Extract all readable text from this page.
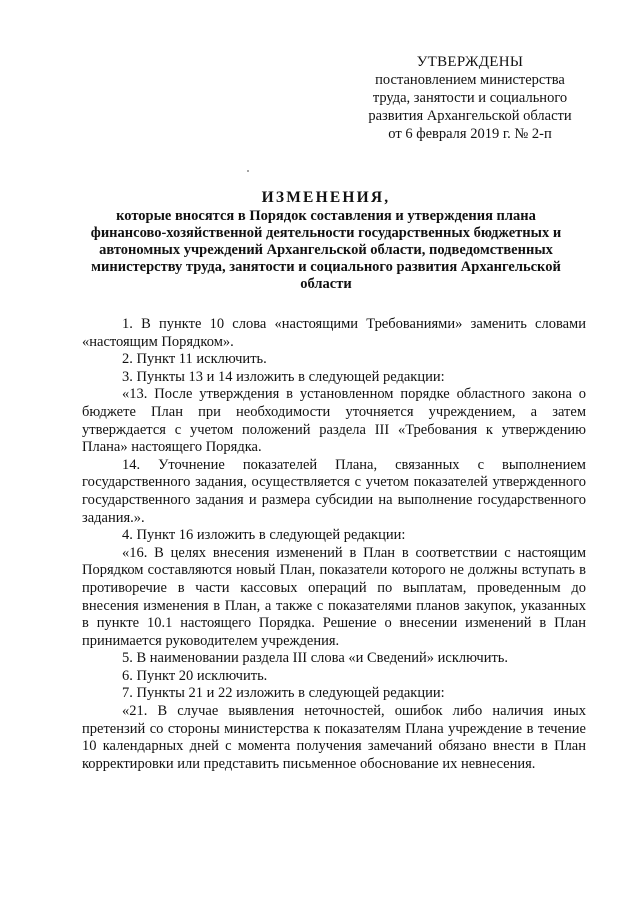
УТВЕРЖДЕНЫ
постановлением министерства
труда, занятости и социального
развития Архангельской области
от 6 февраля 2019 г. № 2-п
ИЗМЕНЕНИЯ,
которые вносятся в Порядок составления и утверждения плана финансово-хозяйственной деятельности государственных бюджетных и автономных учреждений Архангельской области, подведомственных министерству труда, занятости и социального развития Архангельской области

1. В пункте 10 слова «настоящими Требованиями» заменить словами «настоящим Порядком».

2. Пункт 11 исключить.

3. Пункты 13 и 14 изложить в следующей редакции:

«13. После утверждения в установленном порядке областного закона о бюджете План при необходимости уточняется учреждением, а затем утверждается с учетом положений раздела III «Требования к утверждению Плана» настоящего Порядка.

14. Уточнение показателей Плана, связанных с выполнением государственного задания, осуществляется с учетом показателей утвержденного государственного задания и размера субсидии на выполнение государственного задания.».

4. Пункт 16 изложить в следующей редакции:

«16. В целях внесения изменений в План в соответствии с настоящим Порядком составляются новый План, показатели которого не должны вступать в противоречие в части кассовых операций по выплатам, проведенным до внесения изменения в План, а также с показателями планов закупок, указанных в пункте 10.1 настоящего Порядка. Решение о внесении изменений в План принимается руководителем учреждения.

5. В наименовании раздела III слова «и Сведений» исключить.

6. Пункт 20 исключить.

7. Пункты 21 и 22 изложить в следующей редакции:

«21. В случае выявления неточностей, ошибок либо наличия иных претензий со стороны министерства к показателям Плана учреждение в течение 10 календарных дней с момента получения замечаний обязано внести в План корректировки или представить письменное обоснование их невнесения.
